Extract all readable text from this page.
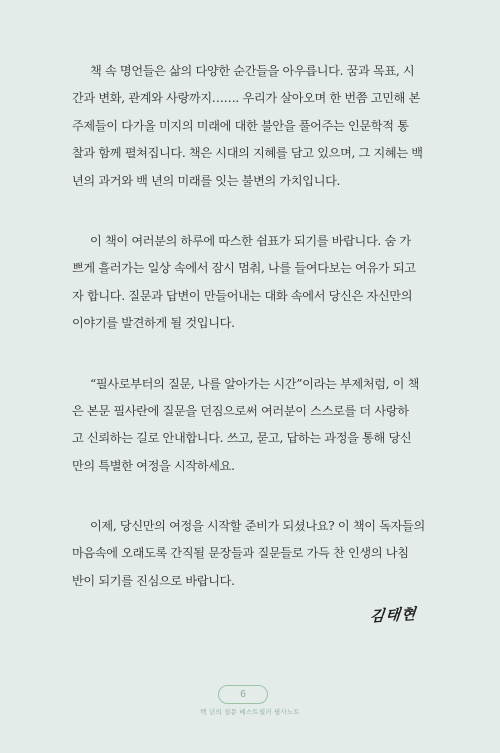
책 속 명언들은 삶의 다양한 순간들을 아우릅니다. 꿈과 목표, 시
간과 변화, 관계와 사랑까지……. 우리가 살아오며 한 번쯤 고민해 본
주제들이 다가올 미지의 미래에 대한 불안을 풀어주는 인문학적 통
찰과 함께 펼쳐집니다. 책은 시대의 지혜를 담고 있으며, 그 지혜는 백
년의 과거와 백 년의 미래를 잇는 불변의 가치입니다.
이 책이 여러분의 하루에 따스한 쉼표가 되기를 바랍니다. 숨 가
쁘게 흘러가는 일상 속에서 잠시 멈춰, 나를 들여다보는 여유가 되고
자 합니다. 질문과 답변이 만들어내는 대화 속에서 당신은 자신만의
이야기를 발견하게 될 것입니다.
“필사로부터의 질문, 나를 알아가는 시간”이라는 부제처럼, 이 책
은 본문 필사란에 질문을 던짐으로써 여러분이 스스로를 더 사랑하
고 신뢰하는 길로 안내합니다. 쓰고, 묻고, 답하는 과정을 통해 당신
만의 특별한 여정을 시작하세요.
이제, 당신만의 여정을 시작할 준비가 되셨나요? 이 책이 독자들의
마음속에 오래도록 간직될 문장들과 질문들로 가득 찬 인생의 나침
반이 되기를 진심으로 바랍니다.
김태현
6
백 년의 질문 베스트셀러 필사노트
